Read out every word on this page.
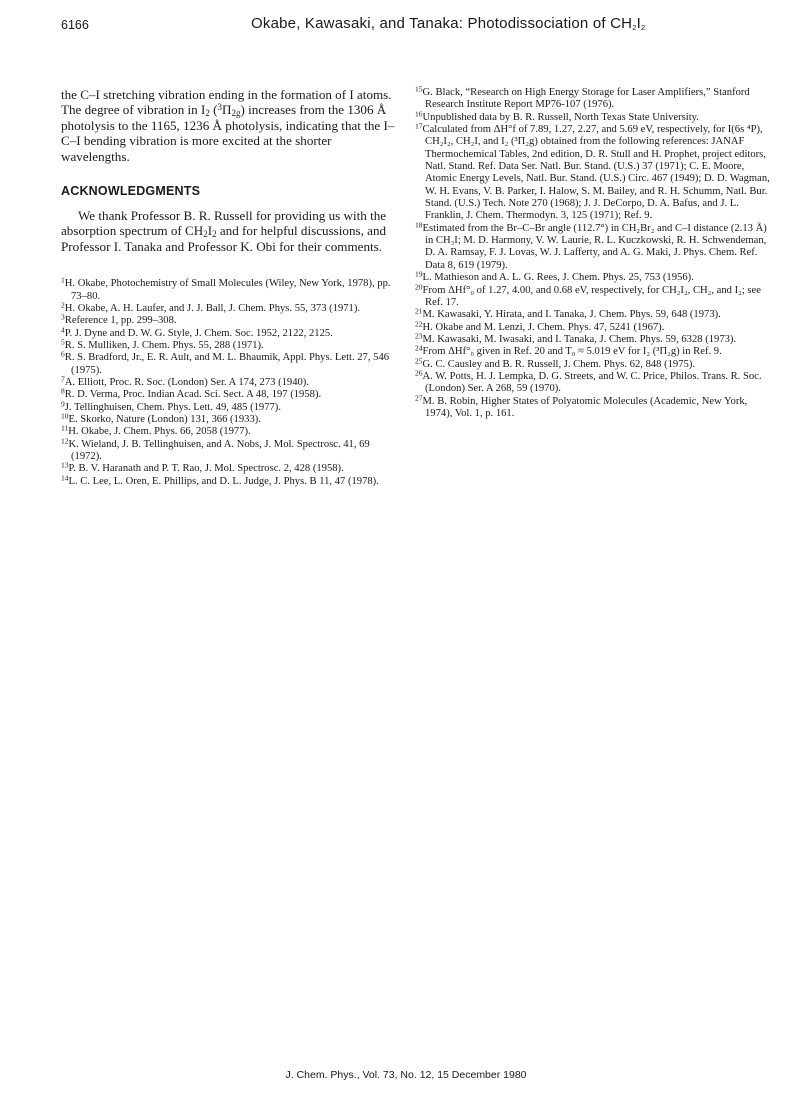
6166	Okabe, Kawasaki, and Tanaka: Photodissociation of $CH_2I_2$

the C–I stretching vibration ending in the formation of I atoms. The degree of vibration in $I_2$ $(^3\Pi_{2g})$ increases from the 1306 Å photolysis to the 1165, 1236 Å photolysis, indicating that the I–C–I bending vibration is more excited at the shorter wavelengths.

ACKNOWLEDGMENTS

We thank Professor B. R. Russell for providing us with the absorption spectrum of $CH_2I_2$ and for helpful discussions, and Professor I. Tanaka and Professor K. Obi for their comments.

$^1$H. Okabe, Photochemistry of Small Molecules (Wiley, New York, 1978), pp. 73–80.
$^2$H. Okabe, A. H. Laufer, and J. J. Ball, J. Chem. Phys. 55, 373 (1971).
$^3$Reference 1, pp. 299–308.
$^4$P. J. Dyne and D. W. G. Style, J. Chem. Soc. 1952, 2122, 2125.
$^5$R. S. Mulliken, J. Chem. Phys. 55, 288 (1971).
$^6$R. S. Bradford, Jr., E. R. Ault, and M. L. Bhaumik, Appl. Phys. Lett. 27, 546 (1975).
$^7$A. Elliott, Proc. R. Soc. (London) Ser. A 174, 273 (1940).
$^8$R. D. Verma, Proc. Indian Acad. Sci. Sect. A 48, 197 (1958).
$^9$J. Tellinghuisen, Chem. Phys. Lett. 49, 485 (1977).
$^{10}$E. Skorko, Nature (London) 131, 366 (1933).
$^{11}$H. Okabe, J. Chem. Phys. 66, 2058 (1977).
$^{12}$K. Wieland, J. B. Tellinghuisen, and A. Nobs, J. Mol. Spectrosc. 41, 69 (1972).
$^{13}$P. B. V. Haranath and P. T. Rao, J. Mol. Spectrosc. 2, 428 (1958).
$^{14}$L. C. Lee, L. Oren, E. Phillips, and D. L. Judge, J. Phys. B 11, 47 (1978).
$^{15}$G. Black, “Research on High Energy Storage for Laser Amplifiers,” Stanford Research Institute Report MP76-107 (1976).
$^{16}$Unpublished data by B. R. Russell, North Texas State University.
$^{17}$Calculated from ΔH°f of 7.89, 1.27, 2.27, and 5.69 eV, respectively, for I(6s ⁴P), CH₂I₂, CH₂I, and I₂ (³Π₂g) obtained from the following references: JANAF Thermochemical Tables, 2nd edition, D. R. Stull and H. Prophet, project editors, Natl. Stand. Ref. Data Ser. Natl. Bur. Stand. (U.S.) 37 (1971); C. E. Moore, Atomic Energy Levels, Natl. Bur. Stand. (U.S.) Circ. 467 (1949); D. D. Wagman, W. H. Evans, V. B. Parker, I. Halow, S. M. Bailey, and R. H. Schumm, Natl. Bur. Stand. (U.S.) Tech. Note 270 (1968); J. J. DeCorpo, D. A. Bafus, and J. L. Franklin, J. Chem. Thermodyn. 3, 125 (1971); Ref. 9.
$^{18}$Estimated from the Br–C–Br angle (112.7°) in CH₂Br₂ and C–I distance (2.13 Å) in CH₃I; M. D. Harmony, V. W. Laurie, R. L. Kuczkowski, R. H. Schwendeman, D. A. Ramsay, F. J. Lovas, W. J. Lafferty, and A. G. Maki, J. Phys. Chem. Ref. Data 8, 619 (1979).
$^{19}$L. Mathieson and A. L. G. Rees, J. Chem. Phys. 25, 753 (1956).
$^{20}$From ΔHf°₀ of 1.27, 4.00, and 0.68 eV, respectively, for CH₂I₂, CH₂, and I₂; see Ref. 17.
$^{21}$M. Kawasaki, Y. Hirata, and I. Tanaka, J. Chem. Phys. 59, 648 (1973).
$^{22}$H. Okabe and M. Lenzi, J. Chem. Phys. 47, 5241 (1967).
$^{23}$M. Kawasaki, M. Iwasaki, and I. Tanaka, J. Chem. Phys. 59, 6328 (1973).
$^{24}$From ΔHf°₀ given in Ref. 20 and T₀ ≈ 5.019 eV for I₂ (³Π₂g) in Ref. 9.
$^{25}$G. C. Causley and B. R. Russell, J. Chem. Phys. 62, 848 (1975).
$^{26}$A. W. Potts, H. J. Lempka, D. G. Streets, and W. C. Price, Philos. Trans. R. Soc. (London) Ser. A 268, 59 (1970).
$^{27}$M. B. Robin, Higher States of Polyatomic Molecules (Academic, New York, 1974), Vol. 1, p. 161.
J. Chem. Phys., Vol. 73, No. 12, 15 December 1980
